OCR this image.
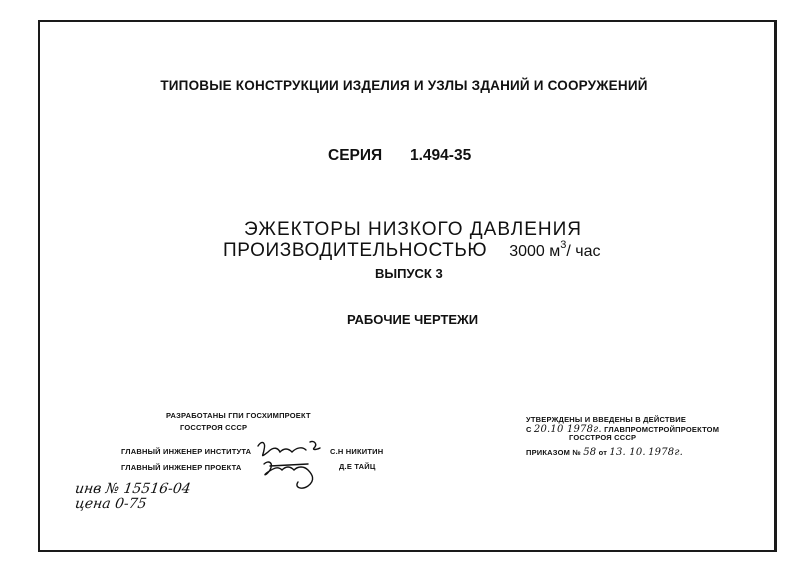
ТИПОВЫЕ КОНСТРУКЦИИ ИЗДЕЛИЯ И УЗЛЫ ЗДАНИЙ И СООРУЖЕНИЙ
СЕРИЯ 1.494-35
ЭЖЕКТОРЫ НИЗКОГО ДАВЛЕНИЯ
ПРОИЗВОДИТЕЛЬНОСТЬЮ 3000 $м^3/$ час
ВЫПУСК 3
РАБОЧИЕ ЧЕРТЕЖИ
РАЗРАБОТАНЫ ГПИ ГОСХИМПРОЕКТ
ГОССТРОЯ СССР
ГЛАВНЫЙ ИНЖЕНЕР ИНСТИТУТА
ГЛАВНЫЙ ИНЖЕНЕР ПРОЕКТА
С.Н НИКИТИН
Д.Е ТАЙЦ
УТВЕРЖДЕНЫ И ВВЕДЕНЫ В ДЕЙСТВИЕ
С 20.10 1978г. ГЛАВПРОМСТРОЙПРОЕКТОМ
ГОССТРОЯ СССР
ПРИКАЗОМ № 58 от 13. 10. 1978г.
инв № 15516-04
цена 0-75
